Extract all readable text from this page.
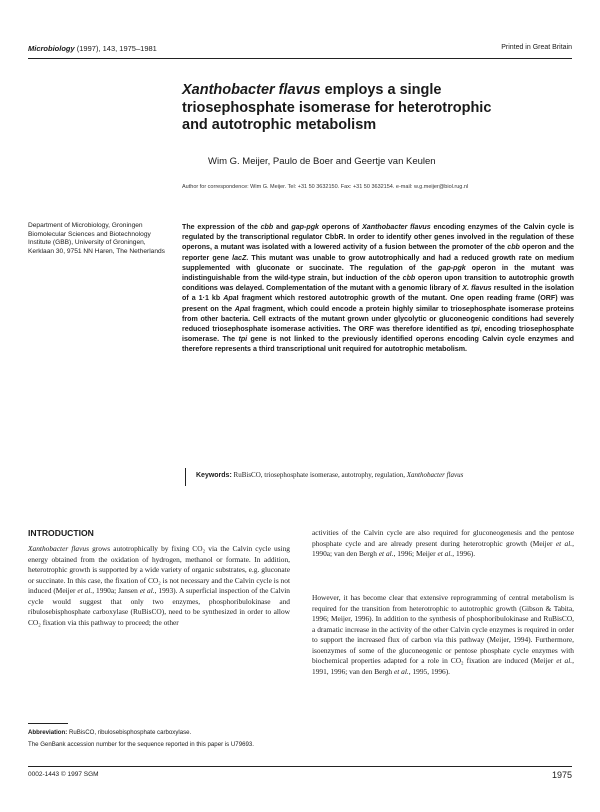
Microbiology (1997), 143, 1975–1981	Printed in Great Britain
Xanthobacter flavus employs a single triosephosphate isomerase for heterotrophic and autotrophic metabolism
Wim G. Meijer, Paulo de Boer and Geertje van Keulen
Author for correspondence: Wim G. Meijer. Tel: +31 50 3632150. Fax: +31 50 3632154. e-mail: w.g.meijer@biol.rug.nl
Department of Microbiology, Groningen Biomolecular Sciences and Biotechnology Institute (GBB), University of Groningen, Kerklaan 30, 9751 NN Haren, The Netherlands
The expression of the cbb and gap-pgk operons of Xanthobacter flavus encoding enzymes of the Calvin cycle is regulated by the transcriptional regulator CbbR. In order to identify other genes involved in the regulation of these operons, a mutant was isolated with a lowered activity of a fusion between the promoter of the cbb operon and the reporter gene lacZ. This mutant was unable to grow autotrophically and had a reduced growth rate on medium supplemented with gluconate or succinate. The regulation of the gap-pgk operon in the mutant was indistinguishable from the wild-type strain, but induction of the cbb operon upon transition to autotrophic growth conditions was delayed. Complementation of the mutant with a genomic library of X. flavus resulted in the isolation of a 1·1 kb ApaI fragment which restored autotrophic growth of the mutant. One open reading frame (ORF) was present on the ApaI fragment, which could encode a protein highly similar to triosephosphate isomerase proteins from other bacteria. Cell extracts of the mutant grown under glycolytic or gluconeogenic conditions had severely reduced triosephosphate isomerase activities. The ORF was therefore identified as tpi, encoding triosephosphate isomerase. The tpi gene is not linked to the previously identified operons encoding Calvin cycle enzymes and therefore represents a third transcriptional unit required for autotrophic metabolism.
Keywords: RuBisCO, triosephosphate isomerase, autotrophy, regulation, Xanthobacter flavus
INTRODUCTION
Xanthobacter flavus grows autotrophically by fixing CO₂ via the Calvin cycle using energy obtained from the oxidation of hydrogen, methanol or formate. In addition, heterotrophic growth is supported by a wide variety of organic substrates, e.g. gluconate or succinate. In this case, the fixation of CO₂ is not necessary and the Calvin cycle is not induced (Meijer et al., 1990a; Jansen et al., 1993). A superficial inspection of the Calvin cycle would suggest that only two enzymes, phosphoribulokinase and ribulosebisphosphate carboxylase (RuBisCO), need to be synthesized in order to allow CO₂ fixation via this pathway to proceed; the other
activities of the Calvin cycle are also required for gluconeogenesis and the pentose phosphate cycle and are already present during heterotrophic growth (Meijer et al., 1990a; van den Bergh et al., 1996; Meijer et al., 1996).
However, it has become clear that extensive reprogramming of central metabolism is required for the transition from heterotrophic to autotrophic growth (Gibson & Tabita, 1996; Meijer, 1996). In addition to the synthesis of phosphoribulokinase and RuBisCO, a dramatic increase in the activity of the other Calvin cycle enzymes is required in order to support the increased flux of carbon via this pathway (Meijer, 1994). Furthermore, isoenzymes of some of the gluconeogenic or pentose phosphate cycle enzymes with biochemical properties adapted for a role in CO₂ fixation are induced (Meijer et al., 1991, 1996; van den Bergh et al., 1995, 1996).
Abbreviation: RuBisCO, ribulosebisphosphate carboxylase.
The GenBank accession number for the sequence reported in this paper is U79693.
0002-1443 © 1997 SGM	1975
